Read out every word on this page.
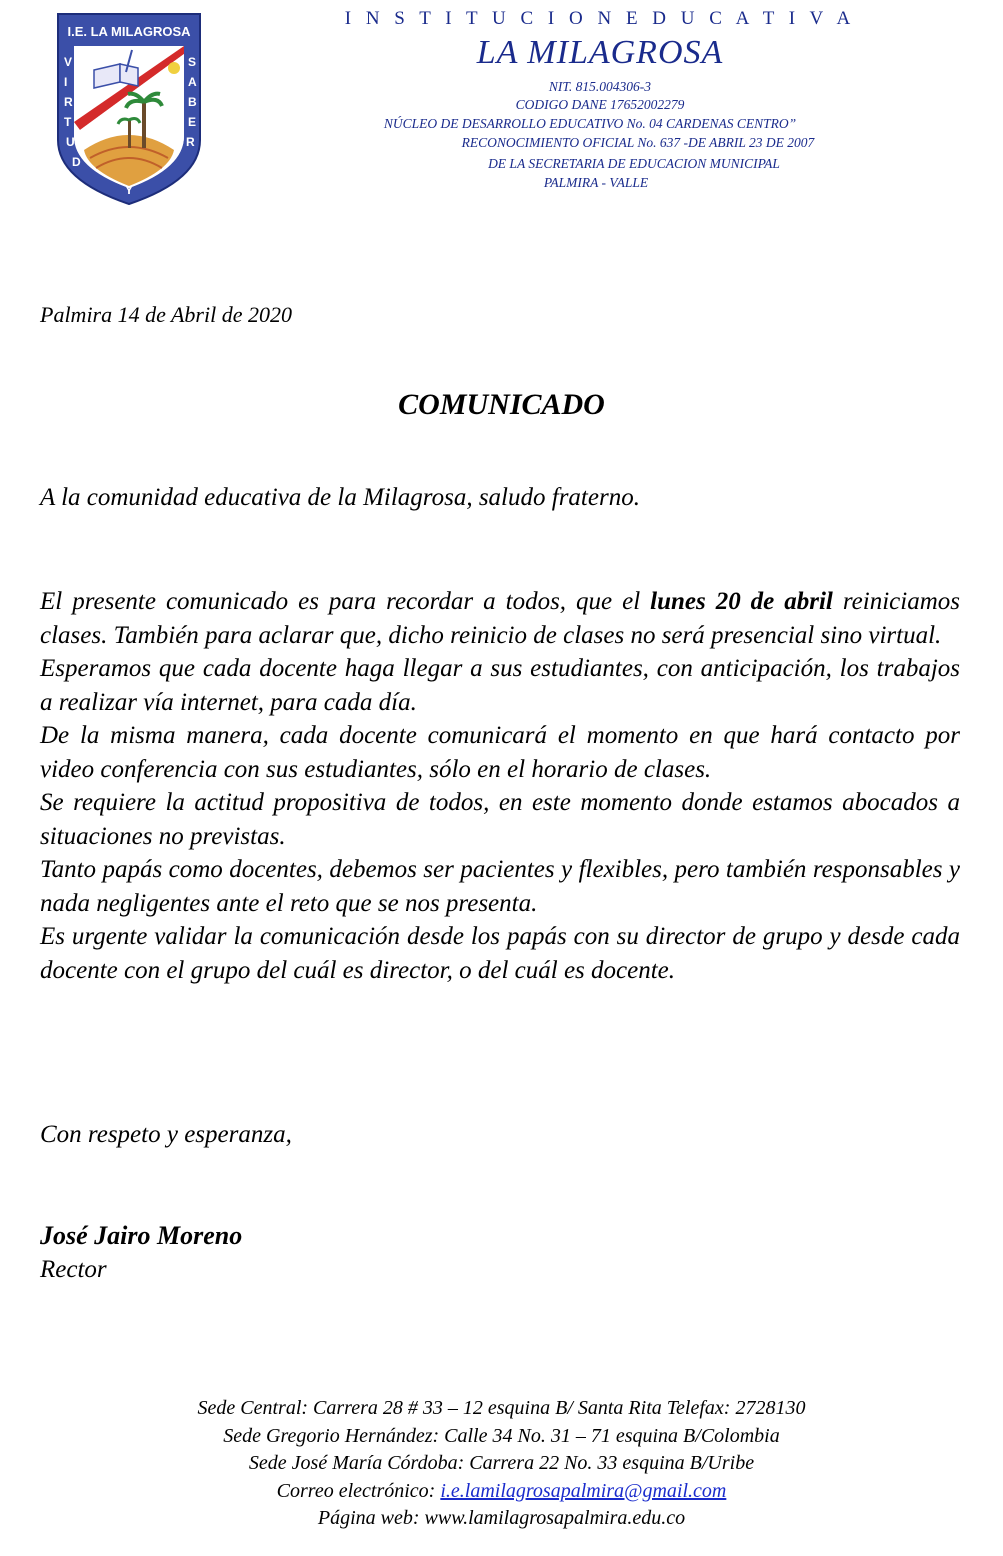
I.E. LA MILAGROSA
V
I
R
T
U
D
S
A
B
E
R
Y
I N S T I T U C I O N E D U C A T I V A
LA MILAGROSA
NIT. 815.004306-3
CODIGO DANE 17652002279
NÚCLEO DE DESARROLLO EDUCATIVO No. 04 CARDENAS CENTRO”
RECONOCIMIENTO OFICIAL No. 637 -DE ABRIL 23 DE 2007
DE LA SECRETARIA DE EDUCACION MUNICIPAL
PALMIRA - VALLE
Palmira 14 de Abril de 2020
COMUNICADO
A la comunidad educativa de la Milagrosa, saludo fraterno.

El presente comunicado es para recordar a todos, que el lunes 20 de abril reiniciamos clases. También para aclarar que, dicho reinicio de clases no será presencial sino virtual.

Esperamos que cada docente haga llegar a sus estudiantes, con anticipación, los trabajos a realizar vía internet, para cada día.

De la misma manera, cada docente comunicará el momento en que hará contacto por video conferencia con sus estudiantes, sólo en el horario de clases.

Se requiere la actitud propositiva de todos, en este momento donde estamos abocados a situaciones no previstas.

Tanto papás como docentes, debemos ser pacientes y flexibles, pero también responsables y nada negligentes ante el reto que se nos presenta.

Es urgente validar la comunicación desde los papás con su director de grupo y desde cada docente con el grupo del cuál es director, o del cuál es docente.

Con respeto y esperanza,
José Jairo Moreno
Rector
Sede Central: Carrera 28 # 33 – 12 esquina B/ Santa Rita Telefax: 2728130
Sede Gregorio Hernández: Calle 34 No. 31 – 71 esquina B/Colombia
Sede José María Córdoba: Carrera 22 No. 33 esquina B/Uribe
Correo electrónico: i.e.lamilagrosapalmira@gmail.com
Página web: www.lamilagrosapalmira.edu.co
